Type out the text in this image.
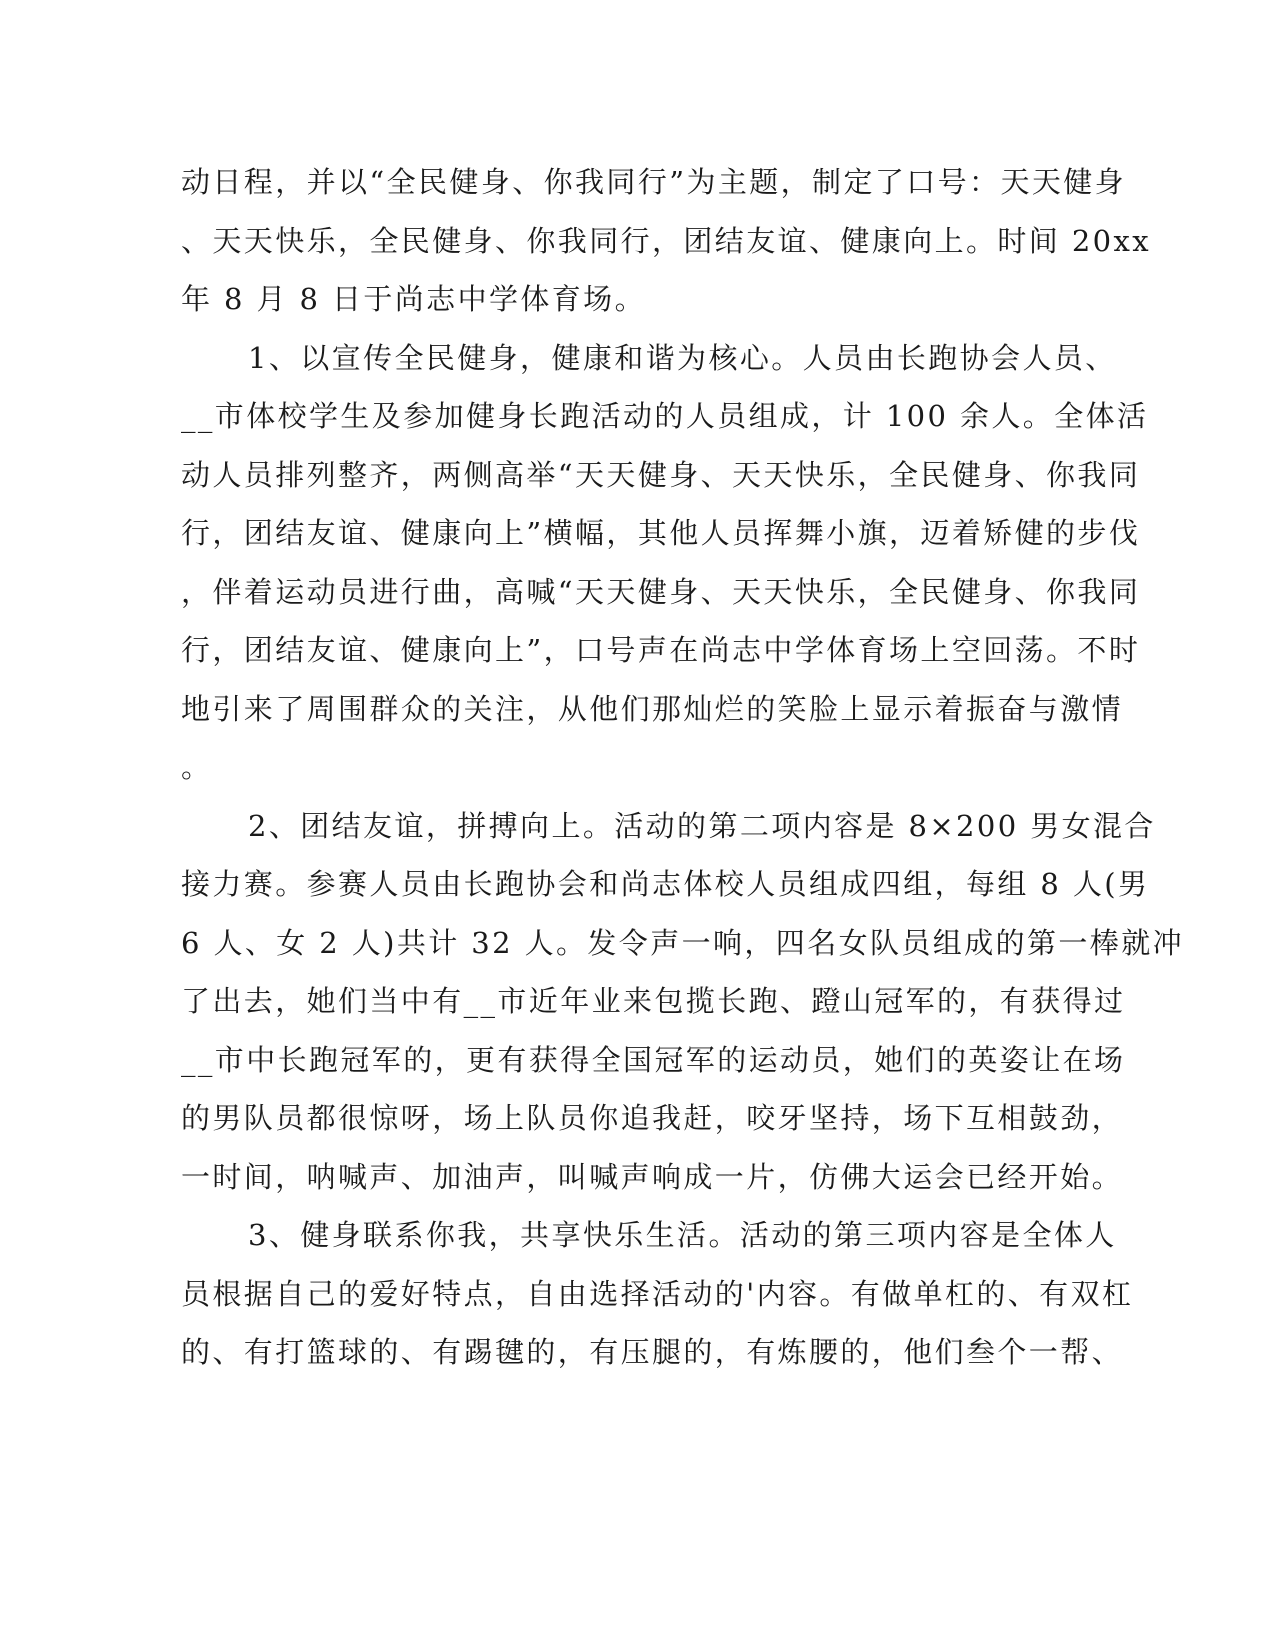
动日程，并以“全民健身、你我同行”为主题，制定了口号：天天健身
、天天快乐，全民健身、你我同行，团结友谊、健康向上。时间 20xx
年 8 月 8 日于尚志中学体育场。
1、以宣传全民健身，健康和谐为核心。人员由长跑协会人员、
__市体校学生及参加健身长跑活动的人员组成，计 100 余人。全体活
动人员排列整齐，两侧高举“天天健身、天天快乐，全民健身、你我同
行，团结友谊、健康向上”横幅，其他人员挥舞小旗，迈着矫健的步伐
，伴着运动员进行曲，高喊“天天健身、天天快乐，全民健身、你我同
行，团结友谊、健康向上”，口号声在尚志中学体育场上空回荡。不时
地引来了周围群众的关注，从他们那灿烂的笑脸上显示着振奋与激情
。
2、团结友谊，拼搏向上。活动的第二项内容是 8×200 男女混合
接力赛。参赛人员由长跑协会和尚志体校人员组成四组，每组 8 人(男
6 人、女 2 人)共计 32 人。发令声一响，四名女队员组成的第一棒就冲
了出去，她们当中有__市近年业来包揽长跑、蹬山冠军的，有获得过
__市中长跑冠军的，更有获得全国冠军的运动员，她们的英姿让在场
的男队员都很惊呀，场上队员你追我赶，咬牙坚持，场下互相鼓劲，
一时间，呐喊声、加油声，叫喊声响成一片，仿佛大运会已经开始。
3、健身联系你我，共享快乐生活。活动的第三项内容是全体人
员根据自己的爱好特点，自由选择活动的'内容。有做单杠的、有双杠
的、有打篮球的、有踢毽的，有压腿的，有炼腰的，他们叁个一帮、
